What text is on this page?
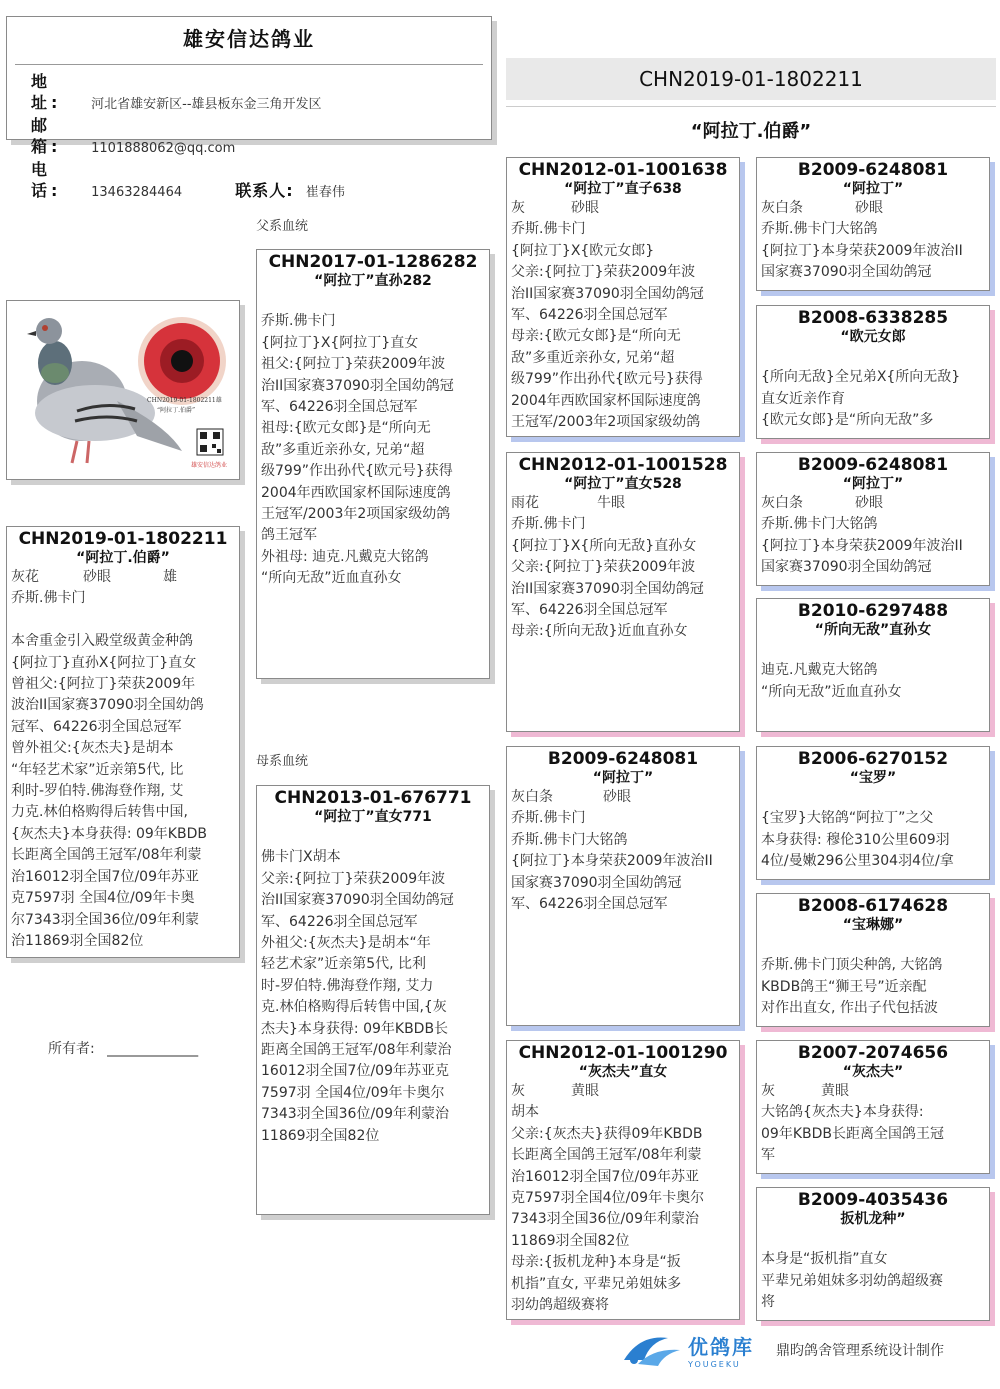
雄安信达鸽业
地 址: 河北省雄安新区--雄县板东金三角开发区
邮 箱: 1101888062@qq.com
电 话: 13463284464	联系人: 崔春伟
CHN2019-01-1802211
“阿拉丁.伯爵”
父系血统
母系血统
CHN2019-01-1802211雄
“阿拉丁.伯爵”
雄安信达鸽业
CHN2019-01-1802211
“阿拉丁.伯爵”
灰花	砂眼	雄

乔斯.佛卡门

本舍重金引入殿堂级黄金种鸽

{阿拉丁}直孙X{阿拉丁}直女

曾祖父:{阿拉丁}荣获2009年

波治II国家赛37090羽全国幼鸽

冠军、64226羽全国总冠军

曾外祖父:{灰杰夫}是胡本

“年轻艺术家”近亲第5代, 比

利时-罗伯特.佛海登作翔, 艾

力克.林伯格购得后转售中国,

{灰杰夫}本身获得: 09年KBDB

长距离全国鸽王冠军/08年利蒙

治16012羽全国7位/09年苏亚

克7597羽 全国4位/09年卡奥

尔7343羽全国36位/09年利蒙

治11869羽全国82位

所有者: _____________
CHN2017-01-1286282
“阿拉丁”直孙282

乔斯.佛卡门

{阿拉丁}X{阿拉丁}直女

祖父:{阿拉丁}荣获2009年波

治II国家赛37090羽全国幼鸽冠

军、64226羽全国总冠军

祖母:{欧元女郎}是“所向无

敌”多重近亲孙女, 兄弟“超

级799”作出孙代{欧元号}获得

2004年西欧国家杯国际速度鸽

王冠军/2003年2项国家级幼鸽

鸽王冠军

外祖母: 迪克.凡戴克大铭鸽

“所向无敌”近血直孙女

CHN2013-01-676771
“阿拉丁”直女771

佛卡门X胡本

父亲:{阿拉丁}荣获2009年波

治II国家赛37090羽全国幼鸽冠

军、64226羽全国总冠军

外祖父:{灰杰夫}是胡本“年

轻艺术家”近亲第5代, 比利

时-罗伯特.佛海登作翔, 艾力

克.林伯格购得后转售中国,{灰

杰夫}本身获得: 09年KBDB长

距离全国鸽王冠军/08年利蒙治

16012羽全国7位/09年苏亚克

7597羽 全国4位/09年卡奥尔

7343羽全国36位/09年利蒙治

11869羽全国82位

CHN2012-01-1001638
“阿拉丁”直子638
灰	砂眼

乔斯.佛卡门

{阿拉丁}X{欧元女郎}

父亲:{阿拉丁}荣获2009年波

治II国家赛37090羽全国幼鸽冠

军、64226羽全国总冠军

母亲:{欧元女郎}是“所向无

敌”多重近亲孙女, 兄弟“超

级799”作出孙代{欧元号}获得

2004年西欧国家杯国际速度鸽

王冠军/2003年2项国家级幼鸽

CHN2012-01-1001528
“阿拉丁”直女528
雨花	牛眼

乔斯.佛卡门

{阿拉丁}X{所向无敌}直孙女

父亲:{阿拉丁}荣获2009年波

治II国家赛37090羽全国幼鸽冠

军、64226羽全国总冠军

母亲:{所向无敌}近血直孙女

B2009-6248081
“阿拉丁”
灰白条	砂眼

乔斯.佛卡门

乔斯.佛卡门大铭鸽

{阿拉丁}本身荣获2009年波治II

国家赛37090羽全国幼鸽冠

军、64226羽全国总冠军

CHN2012-01-1001290
“灰杰夫”直女
灰	黄眼

胡本

父亲:{灰杰夫}获得09年KBDB

长距离全国鸽王冠军/08年利蒙

治16012羽全国7位/09年苏亚

克7597羽全国4位/09年卡奥尔

7343羽全国36位/09年利蒙治

11869羽全国82位

母亲:{扳机龙种}本身是“扳

机指”直女, 平辈兄弟姐妹多

羽幼鸽超级赛将

B2009-6248081
“阿拉丁”
灰白条	砂眼

乔斯.佛卡门大铭鸽

{阿拉丁}本身荣获2009年波治II

国家赛37090羽全国幼鸽冠

B2008-6338285
“欧元女郎

{所向无敌}全兄弟X{所向无敌}

直女近亲作育

{欧元女郎}是“所向无敌”多

B2009-6248081
“阿拉丁”
灰白条	砂眼

乔斯.佛卡门大铭鸽

{阿拉丁}本身荣获2009年波治II

国家赛37090羽全国幼鸽冠

B2010-6297488
“所向无敌”直孙女

迪克.凡戴克大铭鸽

“所向无敌”近血直孙女

B2006-6270152
“宝罗”

{宝罗}大铭鸽“阿拉丁”之父

本身获得: 穆伦310公里609羽

4位/曼嫩296公里304羽4位/拿

B2008-6174628
“宝琳娜”

乔斯.佛卡门顶尖种鸽, 大铭鸽

KBDB鸽王“狮王号”近亲配

对作出直女, 作出子代包括波

B2007-2074656
“灰杰夫”
灰	黄眼

大铭鸽{灰杰夫}本身获得:

09年KBDB长距离全国鸽王冠

军

B2009-4035436
扳机龙种”

本身是“扳机指”直女

平辈兄弟姐妹多羽幼鸽超级赛

将

优鸽库
YOUGEKU
鼎昀鸽舍管理系统设计制作
